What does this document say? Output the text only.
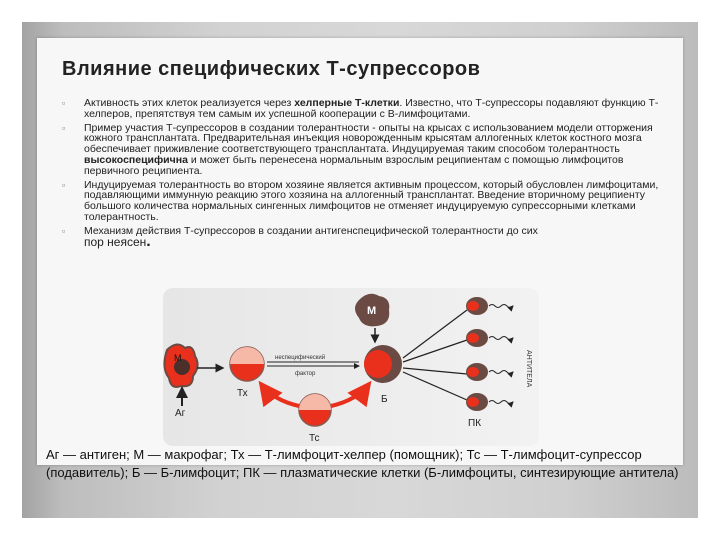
Влияние специфических Т-супрессоров
▫ Активность этих клеток реализуется через хелперные Т-клетки. Известно, что Т-супрессоры подавляют функцию Т-хелперов, препятствуя тем самым их успешной кооперации с В-лимфоцитами.
▫ Пример участия Т-супрессоров в создании толерантности - опыты на крысах с использованием модели отторжения кожного трансплантата. Предварительная инъекция новорожденным крысятам аллогенных клеток костного мозга обеспечивает приживление соответствующего трансплантата. Индуцируемая таким способом толерантность высокоспецифична и может быть перенесена нормальным взрослым реципиентам с помощью лимфоцитов первичного реципиента.
▫ Индуцируемая толерантность во втором хозяине является активным процессом, который обусловлен лимфоцитами, подавляющими иммунную реакцию этого хозяина на аллогенный трансплантат. Введение вторичному реципиенту большого количества нормальных сингенных лимфоцитов не отменяет индуцируемую супрессорными клетками толерантность.
▫ Механизм действия Т-супрессоров в создании антигенспецифической толерантности до сих
пор неясен.
М
Аг
Тх
неспецифический
фактор
М
Б
АНТИТЕЛА
ПК
Тс
Аг — антиген; М — макрофаг; Тх — Т-лимфоцит-хелпер (помощник); Тс — Т-лимфоцит-супрессор (подавитель); Б — Б-лимфоцит; ПК — плазматические клетки (Б-лимфоциты, синтезирующие антитела)
